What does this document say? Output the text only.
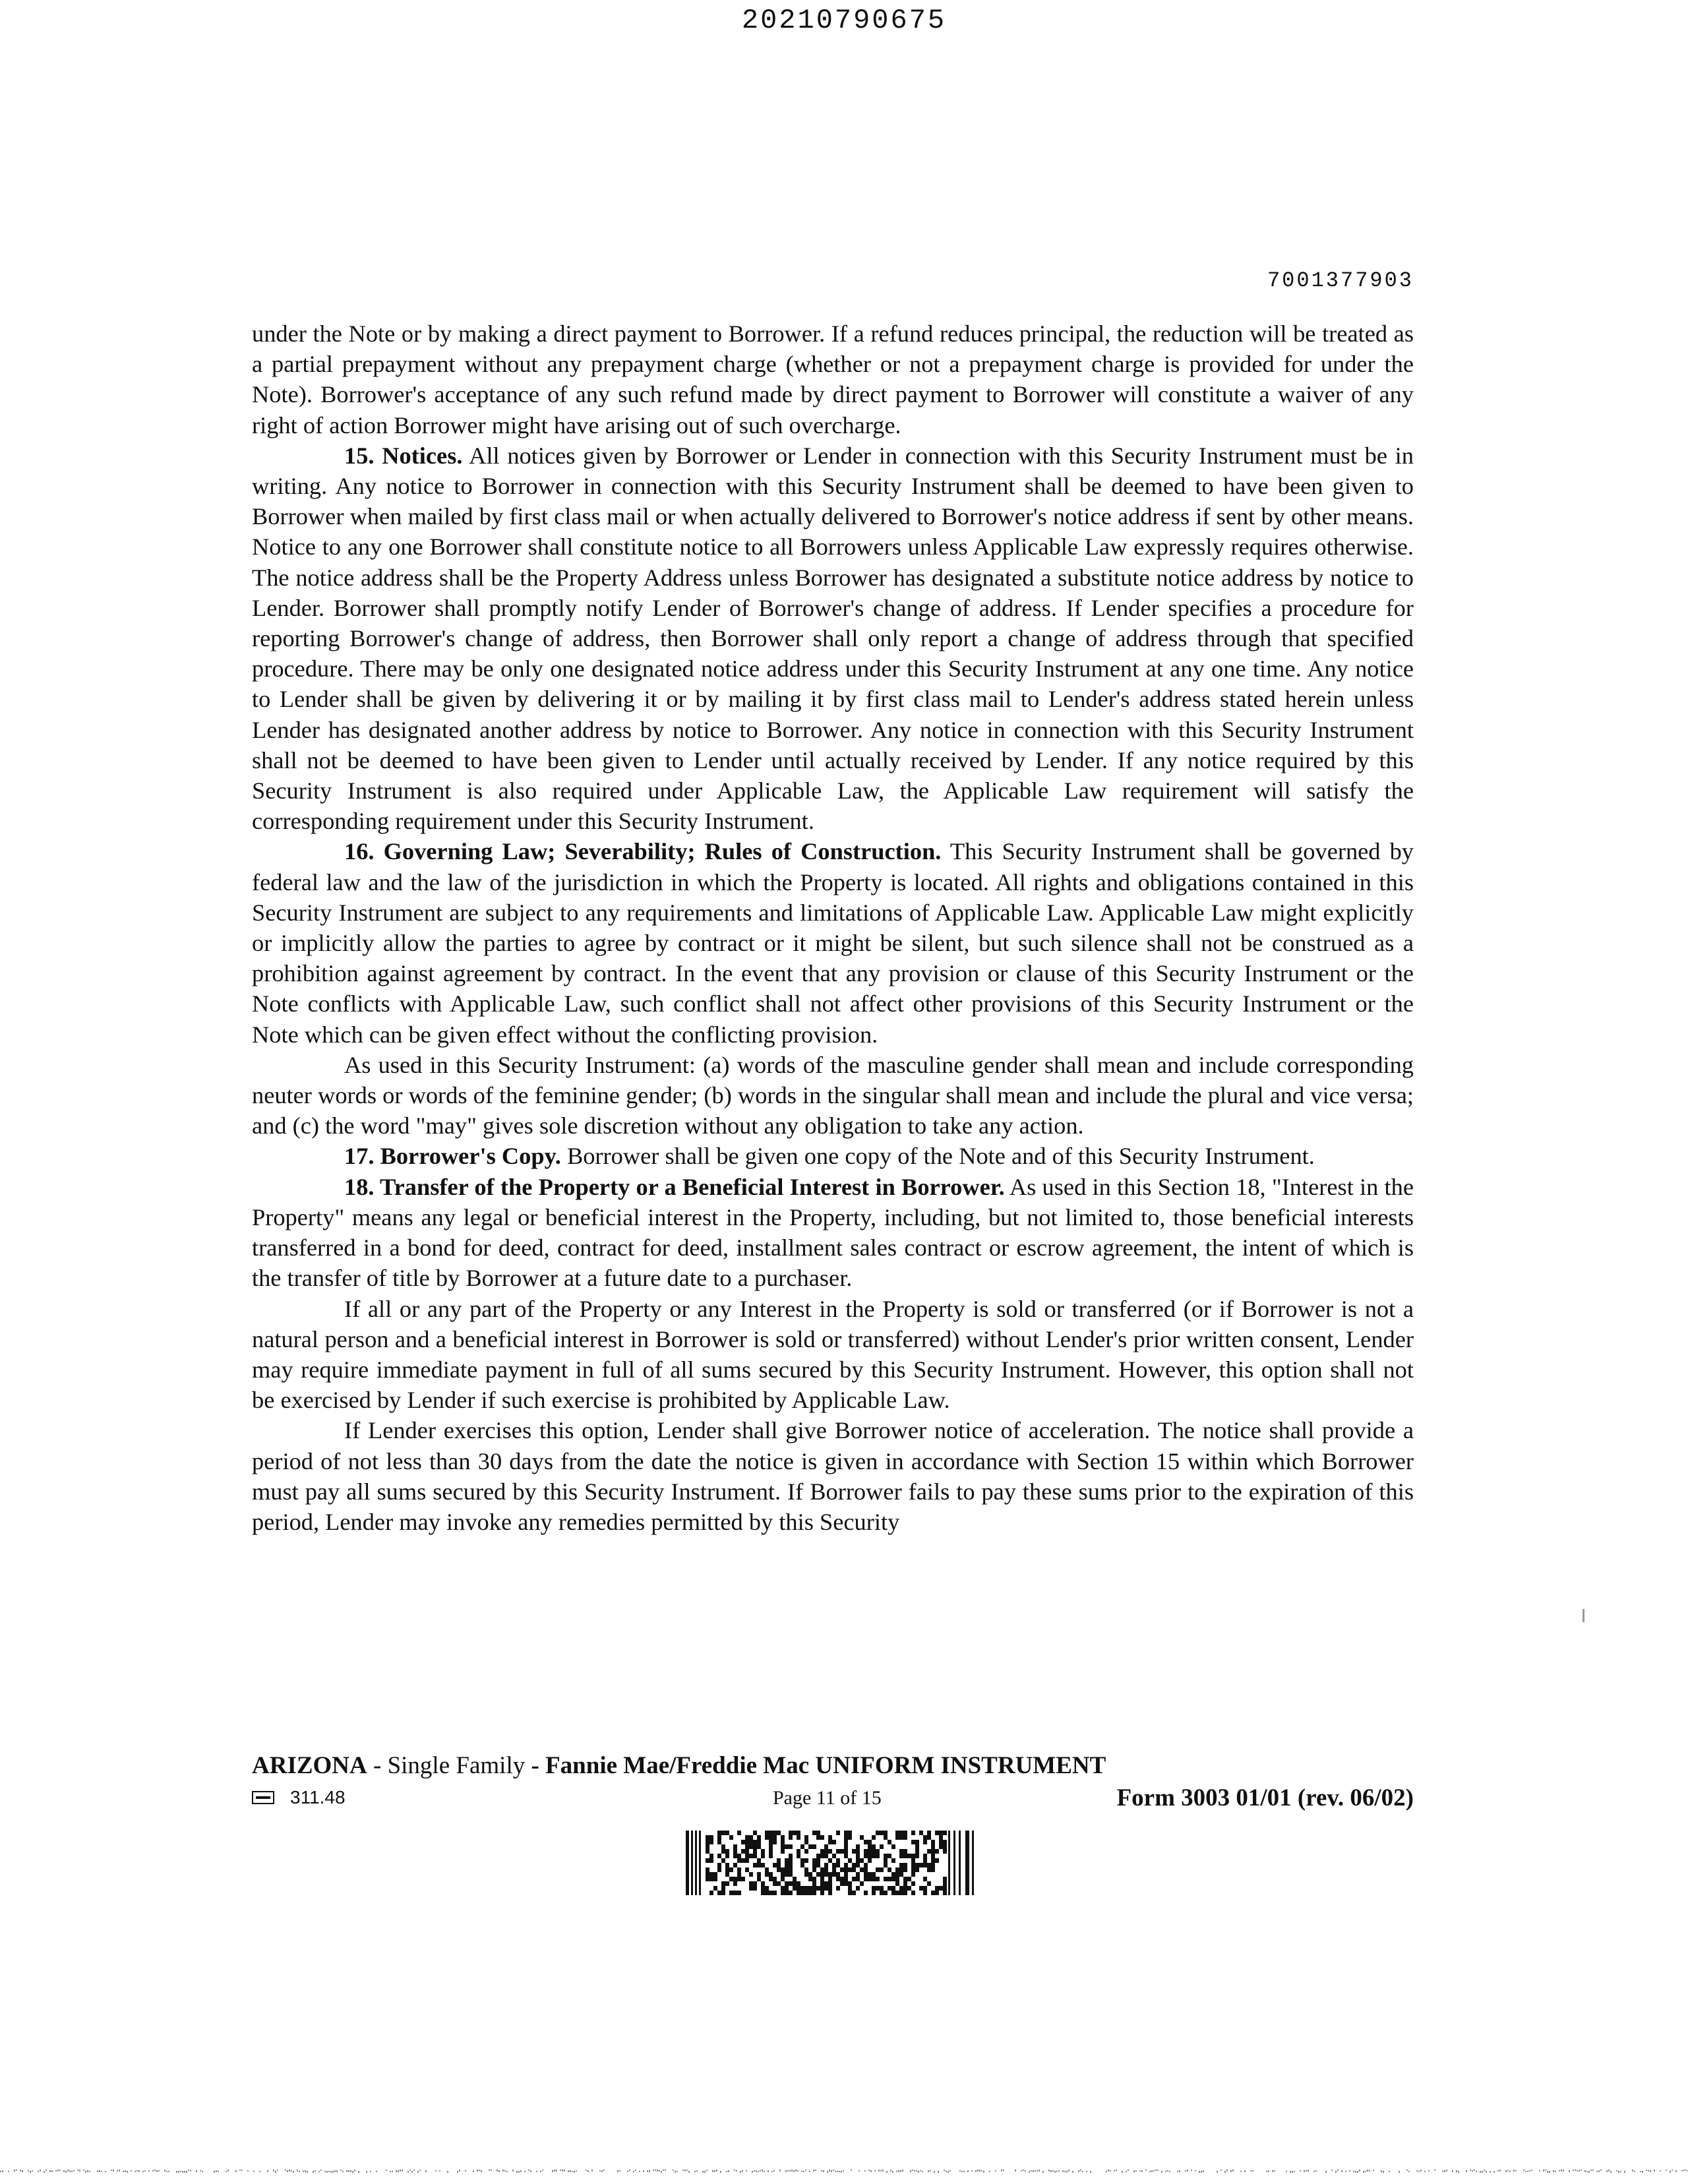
20210790675
7001377903

under the Note or by making a direct payment to Borrower. If a refund reduces principal, the reduction will be treated as a partial prepayment without any prepayment charge (whether or not a prepayment charge is provided for under the Note). Borrower's acceptance of any such refund made by direct payment to Borrower will constitute a waiver of any right of action Borrower might have arising out of such overcharge.

15. Notices. All notices given by Borrower or Lender in connection with this Security Instrument must be in writing. Any notice to Borrower in connection with this Security Instrument shall be deemed to have been given to Borrower when mailed by first class mail or when actually delivered to Borrower's notice address if sent by other means. Notice to any one Borrower shall constitute notice to all Borrowers unless Applicable Law expressly requires otherwise. The notice address shall be the Property Address unless Borrower has designated a substitute notice address by notice to Lender. Borrower shall promptly notify Lender of Borrower's change of address. If Lender specifies a procedure for reporting Borrower's change of address, then Borrower shall only report a change of address through that specified procedure. There may be only one designated notice address under this Security Instrument at any one time. Any notice to Lender shall be given by delivering it or by mailing it by first class mail to Lender's address stated herein unless Lender has designated another address by notice to Borrower. Any notice in connection with this Security Instrument shall not be deemed to have been given to Lender until actually received by Lender. If any notice required by this Security Instrument is also required under Applicable Law, the Applicable Law requirement will satisfy the corresponding requirement under this Security Instrument.

16. Governing Law; Severability; Rules of Construction. This Security Instrument shall be governed by federal law and the law of the jurisdiction in which the Property is located. All rights and obligations contained in this Security Instrument are subject to any requirements and limitations of Applicable Law. Applicable Law might explicitly or implicitly allow the parties to agree by contract or it might be silent, but such silence shall not be construed as a prohibition against agreement by contract. In the event that any provision or clause of this Security Instrument or the Note conflicts with Applicable Law, such conflict shall not affect other provisions of this Security Instrument or the Note which can be given effect without the conflicting provision.

As used in this Security Instrument: (a) words of the masculine gender shall mean and include corresponding neuter words or words of the feminine gender; (b) words in the singular shall mean and include the plural and vice versa; and (c) the word "may" gives sole discretion without any obligation to take any action.

17. Borrower's Copy. Borrower shall be given one copy of the Note and of this Security Instrument.

18. Transfer of the Property or a Beneficial Interest in Borrower. As used in this Section 18, "Interest in the Property" means any legal or beneficial interest in the Property, including, but not limited to, those beneficial interests transferred in a bond for deed, contract for deed, installment sales contract or escrow agreement, the intent of which is the transfer of title by Borrower at a future date to a purchaser.

If all or any part of the Property or any Interest in the Property is sold or transferred (or if Borrower is not a natural person and a beneficial interest in Borrower is sold or transferred) without Lender's prior written consent, Lender may require immediate payment in full of all sums secured by this Security Instrument. However, this option shall not be exercised by Lender if such exercise is prohibited by Applicable Law.

If Lender exercises this option, Lender shall give Borrower notice of acceleration. The notice shall provide a period of not less than 30 days from the date the notice is given in accordance with Section 15 within which Borrower must pay all sums secured by this Security Instrument. If Borrower fails to pay these sums prior to the expiration of this period, Lender may invoke any remedies permitted by this Security

ARIZONA - Single Family - Fannie Mae/Freddie Mac UNIFORM INSTRUMENT
311.48	Page 11 of 15	Form 3003 01/01 (rev. 06/02)
